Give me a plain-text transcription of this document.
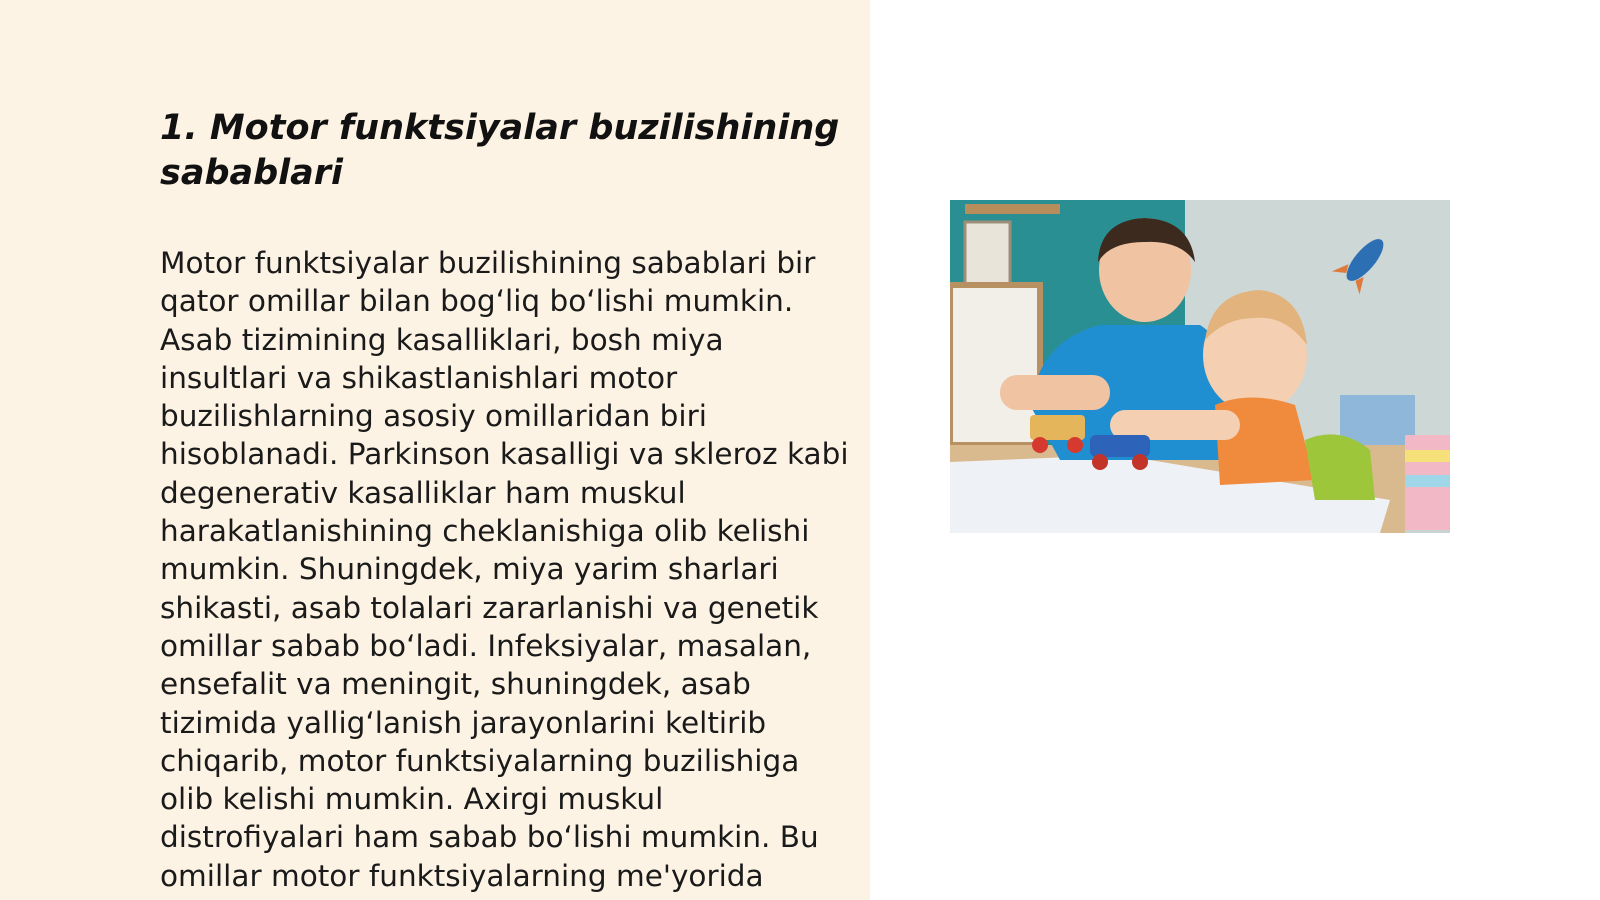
1. Motor funktsiyalar buzilishining sabablari

Motor funktsiyalar buzilishining sabablari bir qator omillar bilan bogʻliq boʻlishi mumkin. Asab tizimining kasalliklari, bosh miya insultlari va shikastlanishlari motor buzilishlarning asosiy omillaridan biri hisoblanadi. Parkinson kasalligi va skleroz kabi degenerativ kasalliklar ham muskul harakatlanishining cheklanishiga olib kelishi mumkin. Shuningdek, miya yarim sharlari shikasti, asab tolalari zararlanishi va genetik omillar sabab boʻladi. Infeksiyalar, masalan, ensefalit va meningit, shuningdek, asab tizimida yalligʻlanish jarayonlarini keltirib chiqarib, motor funktsiyalarning buzilishiga olib kelishi mumkin. Axirgi muskul distrofiyalari ham sabab boʻlishi mumkin. Bu omillar motor funktsiyalarning me'yorida
